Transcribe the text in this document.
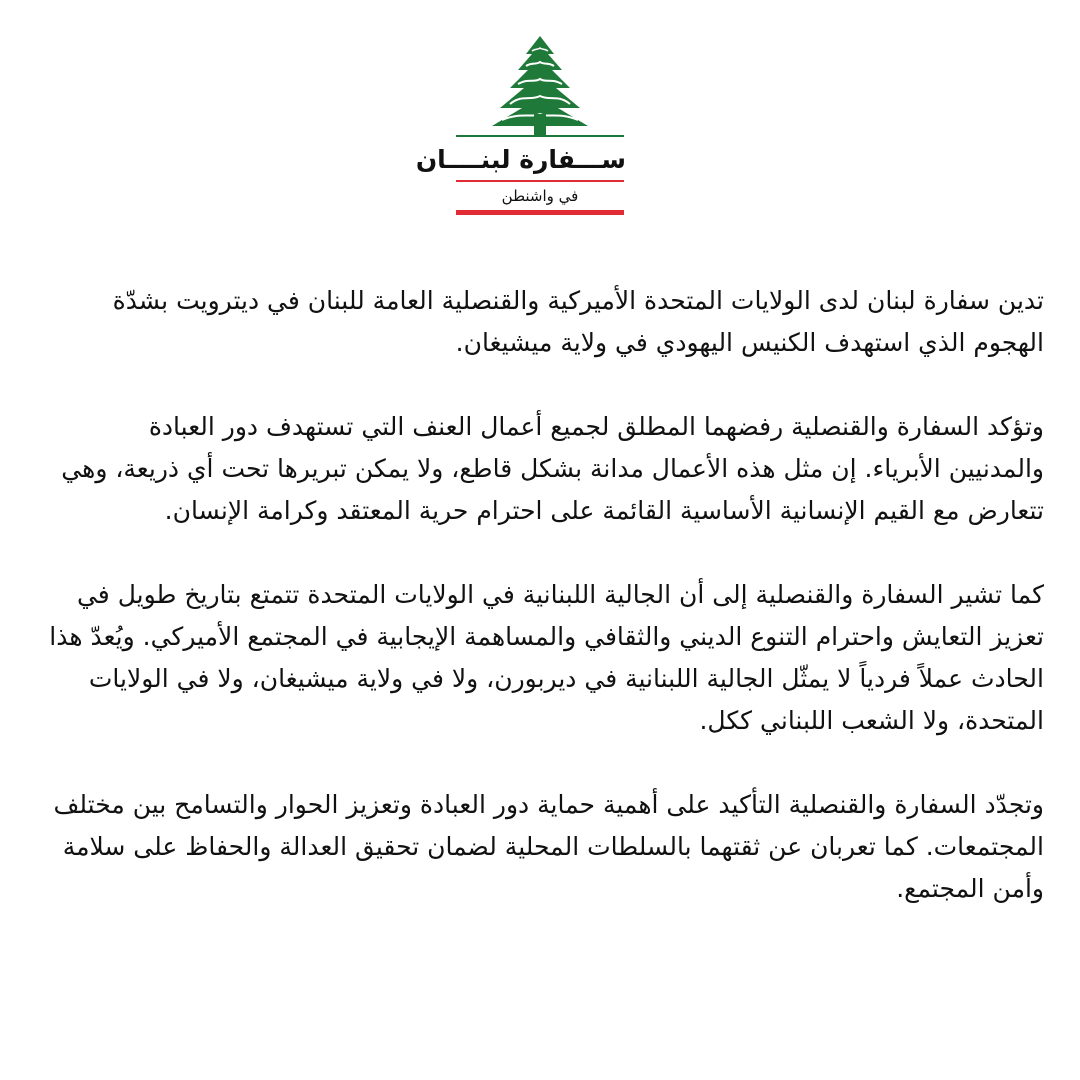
ســـفارة لبنــــان
في واشنطن

تدين سفارة لبنان لدى الولايات المتحدة الأميركية والقنصلية العامة للبنان في ديترويت بشدّة الهجوم الذي استهدف الكنيس اليهودي في ولاية ميشيغان.

وتؤكد السفارة والقنصلية رفضهما المطلق لجميع أعمال العنف التي تستهدف دور العبادة والمدنيين الأبرياء. إن مثل هذه الأعمال مدانة بشكل قاطع، ولا يمكن تبريرها تحت أي ذريعة، وهي تتعارض مع القيم الإنسانية الأساسية القائمة على احترام حرية المعتقد وكرامة الإنسان.

كما تشير السفارة والقنصلية إلى أن الجالية اللبنانية في الولايات المتحدة تتمتع بتاريخ طويل في تعزيز التعايش واحترام التنوع الديني والثقافي والمساهمة الإيجابية في المجتمع الأميركي. ويُعدّ هذا الحادث عملاً فردياً لا يمثّل الجالية اللبنانية في ديربورن، ولا في ولاية ميشيغان، ولا في الولايات المتحدة، ولا الشعب اللبناني ككل.

وتجدّد السفارة والقنصلية التأكيد على أهمية حماية دور العبادة وتعزيز الحوار والتسامح بين مختلف المجتمعات. كما تعربان عن ثقتهما بالسلطات المحلية لضمان تحقيق العدالة والحفاظ على سلامة وأمن المجتمع.
